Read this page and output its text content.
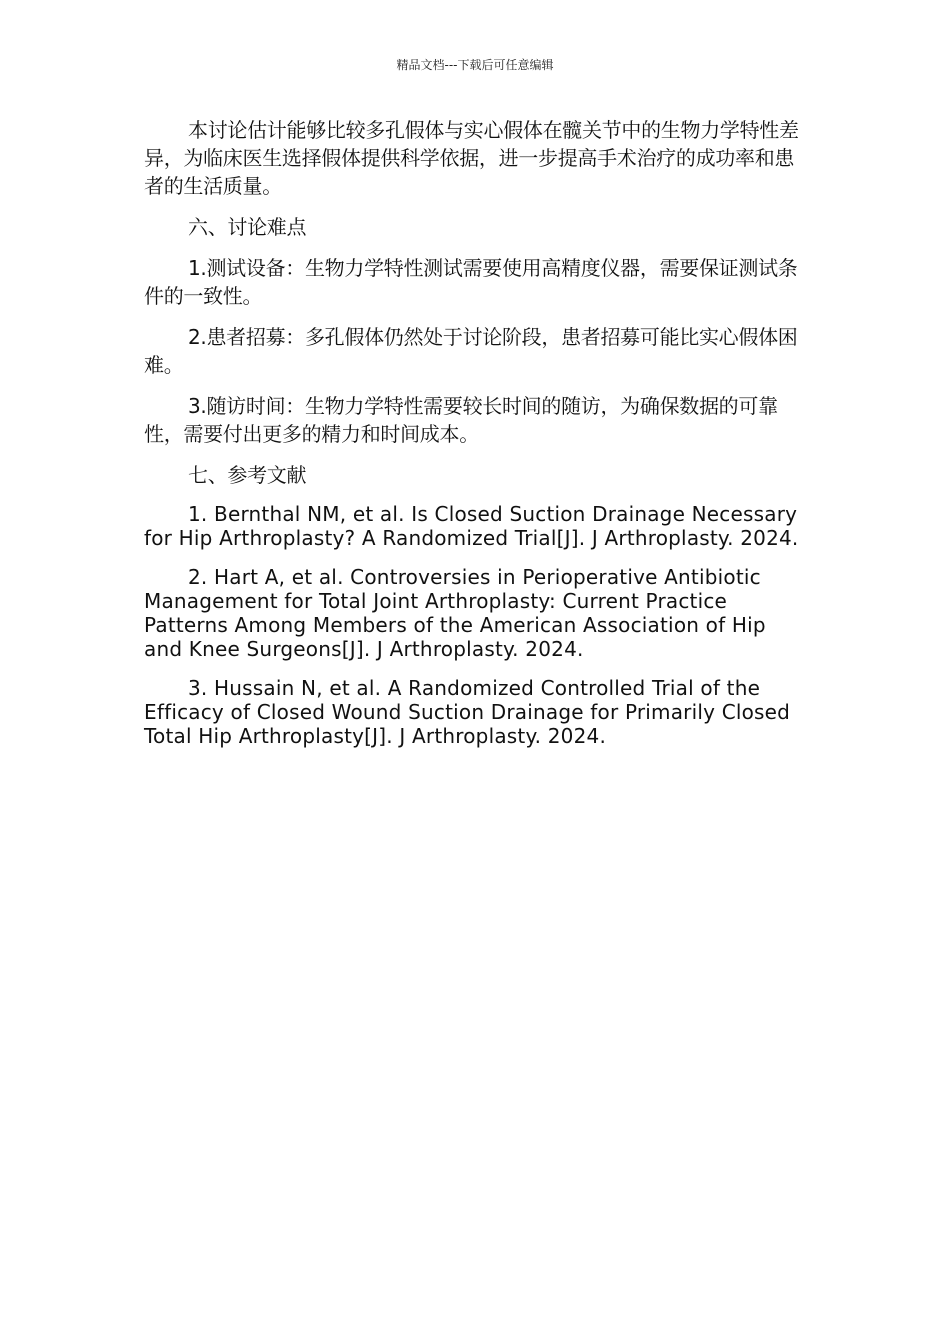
精品文档---下载后可任意编辑

本讨论估计能够比较多孔假体与实心假体在髋关节中的生物力学特性差异，为临床医生选择假体提供科学依据，进一步提高手术治疗的成功率和患者的生活质量。

六、讨论难点

1.测试设备：生物力学特性测试需要使用高精度仪器，需要保证测试条件的一致性。

2.患者招募：多孔假体仍然处于讨论阶段，患者招募可能比实心假体困难。

3.随访时间：生物力学特性需要较长时间的随访，为确保数据的可靠性，需要付出更多的精力和时间成本。

七、参考文献

1. Bernthal NM, et al. Is Closed Suction Drainage Necessary for Hip Arthroplasty? A Randomized Trial[J]. J Arthroplasty. 2024.

2. Hart A, et al. Controversies in Perioperative Antibiotic Management for Total Joint Arthroplasty: Current Practice Patterns Among Members of the American Association of Hip and Knee Surgeons[J]. J Arthroplasty. 2024.

3. Hussain N, et al. A Randomized Controlled Trial of the Efficacy of Closed Wound Suction Drainage for Primarily Closed Total Hip Arthroplasty[J]. J Arthroplasty. 2024.
